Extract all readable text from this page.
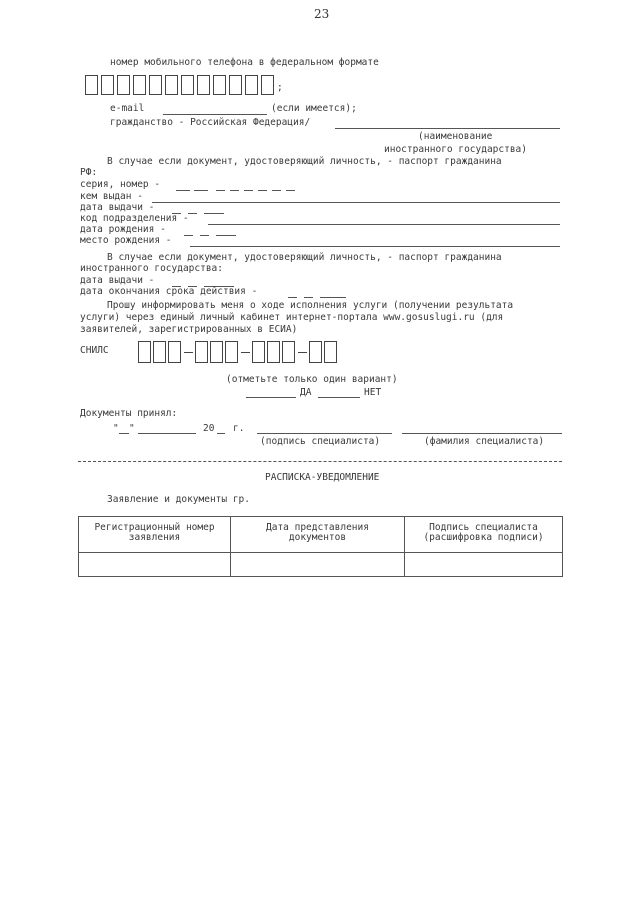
23
номер мобильного телефона в федеральном формате
;
e-mail	(если имеется);
гражданство - Российская Федерация/
(наименование
иностранного государства)
В случае если документ, удостоверяющий личность, - паспорт гражданина
РФ:
серия, номер -
кем выдан -
дата выдачи -
код подразделения -
дата рождения -
место рождения -
В случае если документ, удостоверяющий личность, - паспорт гражданина
иностранного государства:
дата выдачи -
дата окончания срока действия -
Прошу информировать меня о ходе исполнения услуги (получении результата
услуги) через единый личный кабинет интернет-портала www.gosuslugi.ru (для
заявителей, зарегистрированных в ЕСИА)
СНИЛС
(отметьте только один вариант)
ДА	НЕТ
Документы принял:
" "	20 г.
(подпись специалиста)	(фамилия специалиста)
РАСПИСКА-УВЕДОМЛЕНИЕ
Заявление и документы гр.
Регистрационный номер заявления	Дата представления документов	Подпись специалиста (расшифровка подписи)
